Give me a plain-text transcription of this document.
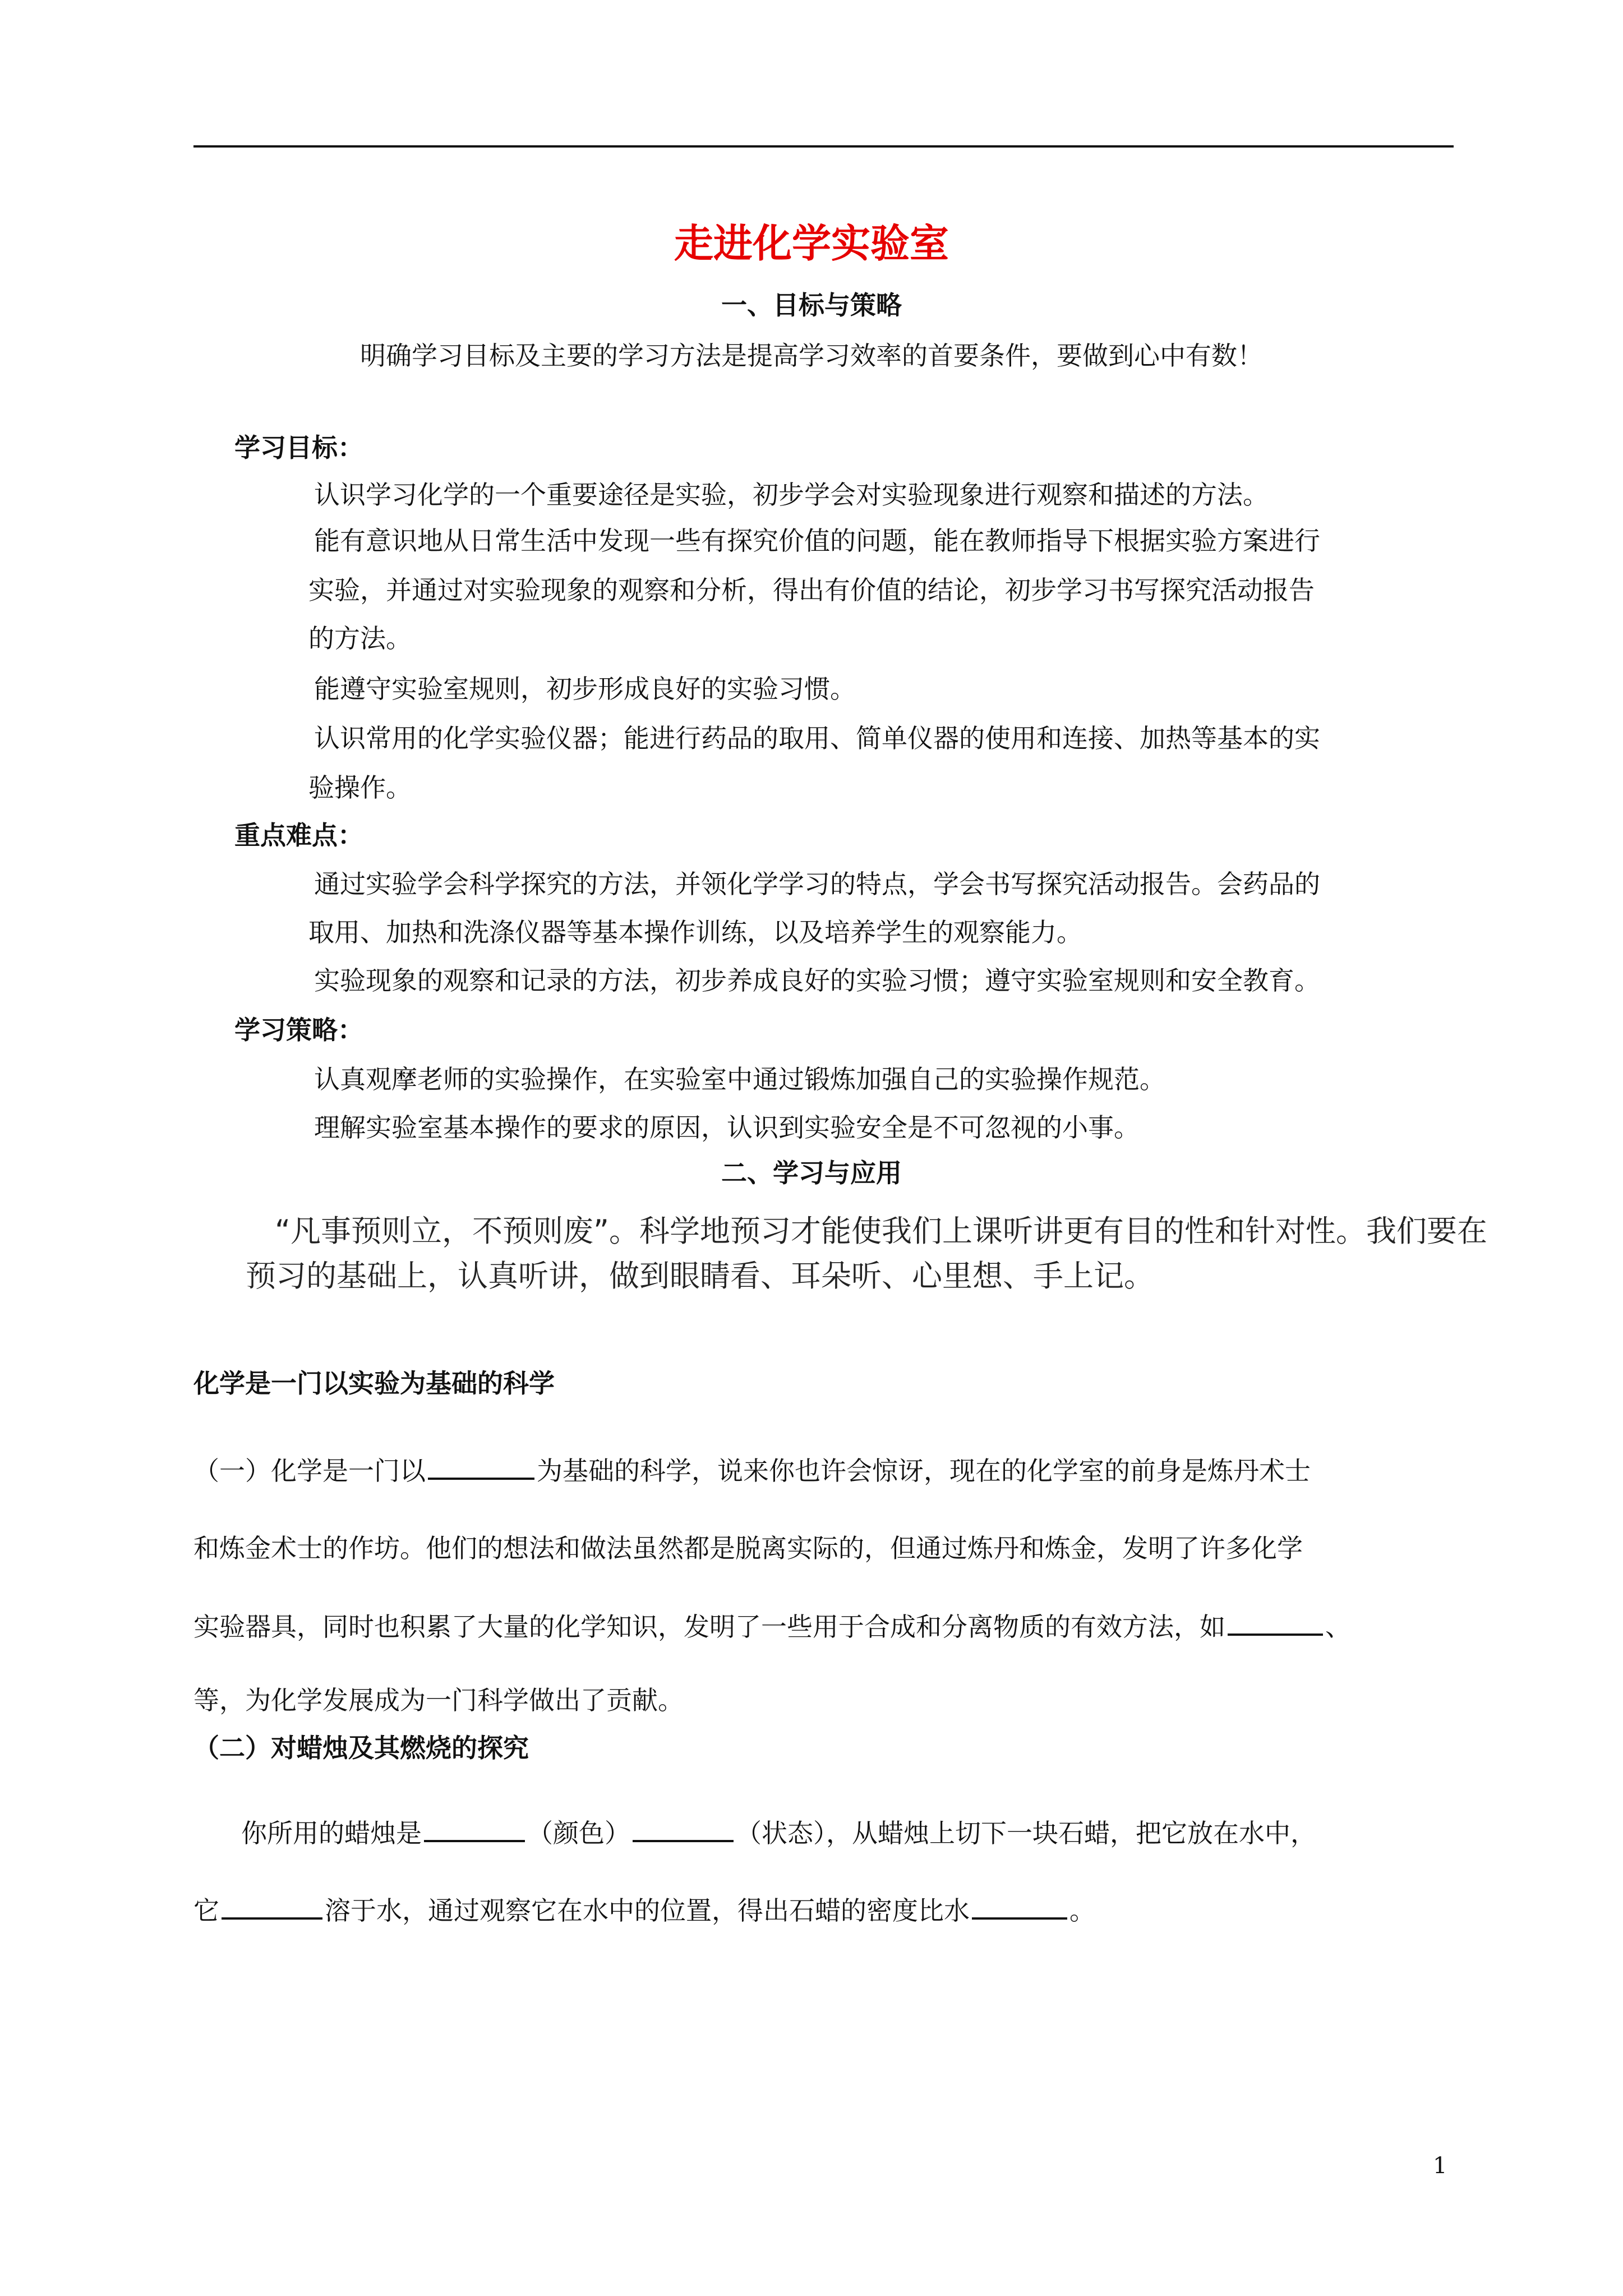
走进化学实验室
一、目标与策略
明确学习目标及主要的学习方法是提高学习效率的首要条件，要做到心中有数！
学习目标：
认识学习化学的一个重要途径是实验，初步学会对实验现象进行观察和描述的方法。
能有意识地从日常生活中发现一些有探究价值的问题，能在教师指导下根据实验方案进行
实验，并通过对实验现象的观察和分析，得出有价值的结论，初步学习书写探究活动报告
的方法。
能遵守实验室规则，初步形成良好的实验习惯。
认识常用的化学实验仪器；能进行药品的取用、简单仪器的使用和连接、加热等基本的实
验操作。
重点难点：
通过实验学会科学探究的方法，并领化学学习的特点，学会书写探究活动报告。会药品的
取用、加热和洗涤仪器等基本操作训练，以及培养学生的观察能力。
实验现象的观察和记录的方法，初步养成良好的实验习惯；遵守实验室规则和安全教育。
学习策略：
认真观摩老师的实验操作，在实验室中通过锻炼加强自己的实验操作规范。
理解实验室基本操作的要求的原因，认识到实验安全是不可忽视的小事。
二、学习与应用
“凡事预则立，不预则废”。科学地预习才能使我们上课听讲更有目的性和针对性。我们要在
预习的基础上，认真听讲，做到眼睛看、耳朵听、心里想、手上记。
化学是一门以实验为基础的科学
（一）化学是一门以	为基础的科学，说来你也许会惊讶，现在的化学室的前身是炼丹术士
和炼金术士的作坊。他们的想法和做法虽然都是脱离实际的，但通过炼丹和炼金，发明了许多化学
实验器具，同时也积累了大量的化学知识，发明了一些用于合成和分离物质的有效方法，如	、
等，为化学发展成为一门科学做出了贡献。
（二）对蜡烛及其燃烧的探究
你所用的蜡烛是	（颜色）	（状态），从蜡烛上切下一块石蜡，把它放在水中，
它	溶于水，通过观察它在水中的位置，得出石蜡的密度比水	。
1
